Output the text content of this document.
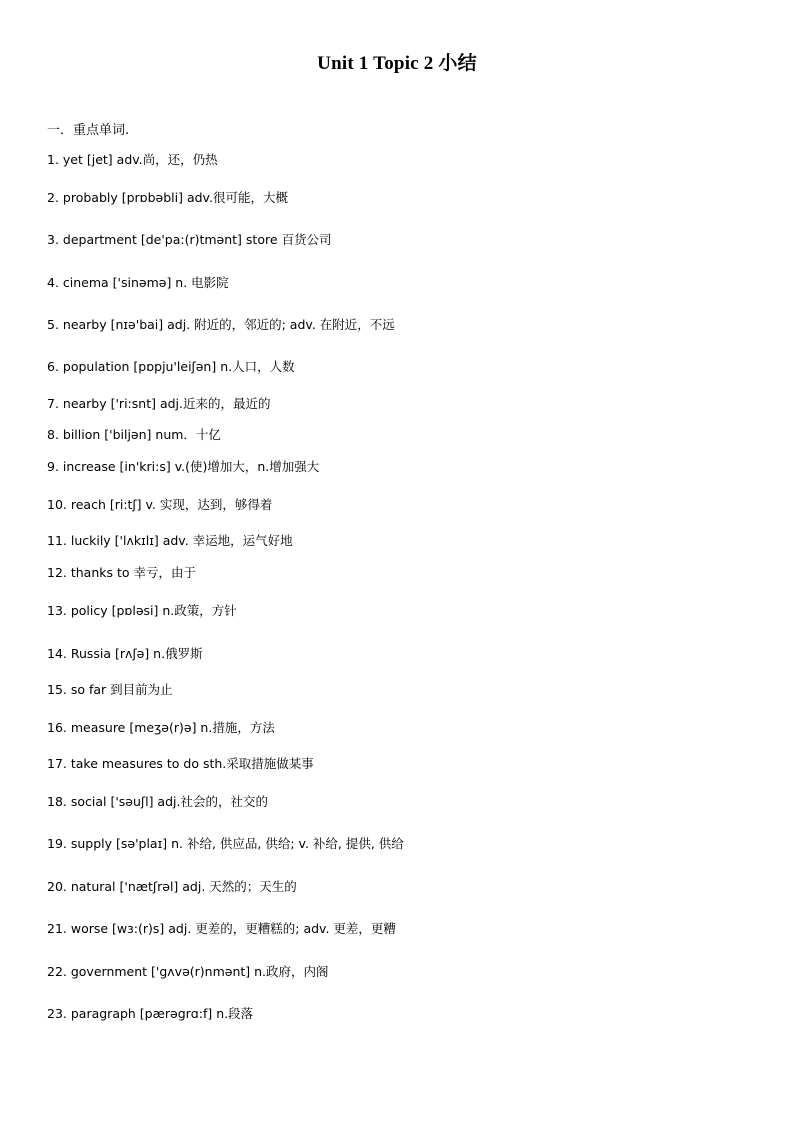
Unit 1 Topic 2 小结

一．重点单词.

1. yet [jet] adv.尚，还，仍热
2. probably [prɒbəbli] adv.很可能，大概
3. department [de'pa:(r)tmənt] store 百货公司
4. cinema ['sinəmə] n. 电影院
5. nearby [nɪə'bai] adj. 附近的，邻近的; adv. 在附近，不远
6. population [pɒpju'leiʃən] n.人口，人数
7. nearby ['ri:snt] adj.近来的，最近的
8. billion ['biljən] num．十亿
9. increase [in'kri:s] v.(使)增加大，n.增加强大
10. reach [ri:tʃ] v. 实现，达到，够得着
11. luckily ['lʌkɪlɪ] adv. 幸运地，运气好地
12. thanks to 幸亏，由于
13. policy [pɒləsi] n.政策，方针
14. Russia [rʌʃə] n.俄罗斯
15. so far 到目前为止
16. measure [meʒə(r)ə] n.措施，方法
17. take measures to do sth.采取措施做某事
18. social ['səuʃl] adj.社会的，社交的
19. supply [sə'plaɪ] n. 补给, 供应品, 供给; v. 补给, 提供, 供给
20. natural ['nætʃrəl] adj. 天然的；天生的
21. worse [wɜ:(r)s] adj. 更差的，更糟糕的; adv. 更差，更糟
22. government ['gʌvə(r)nmənt] n.政府，内阁
23. paragraph [pærəgrɑ:f] n.段落
